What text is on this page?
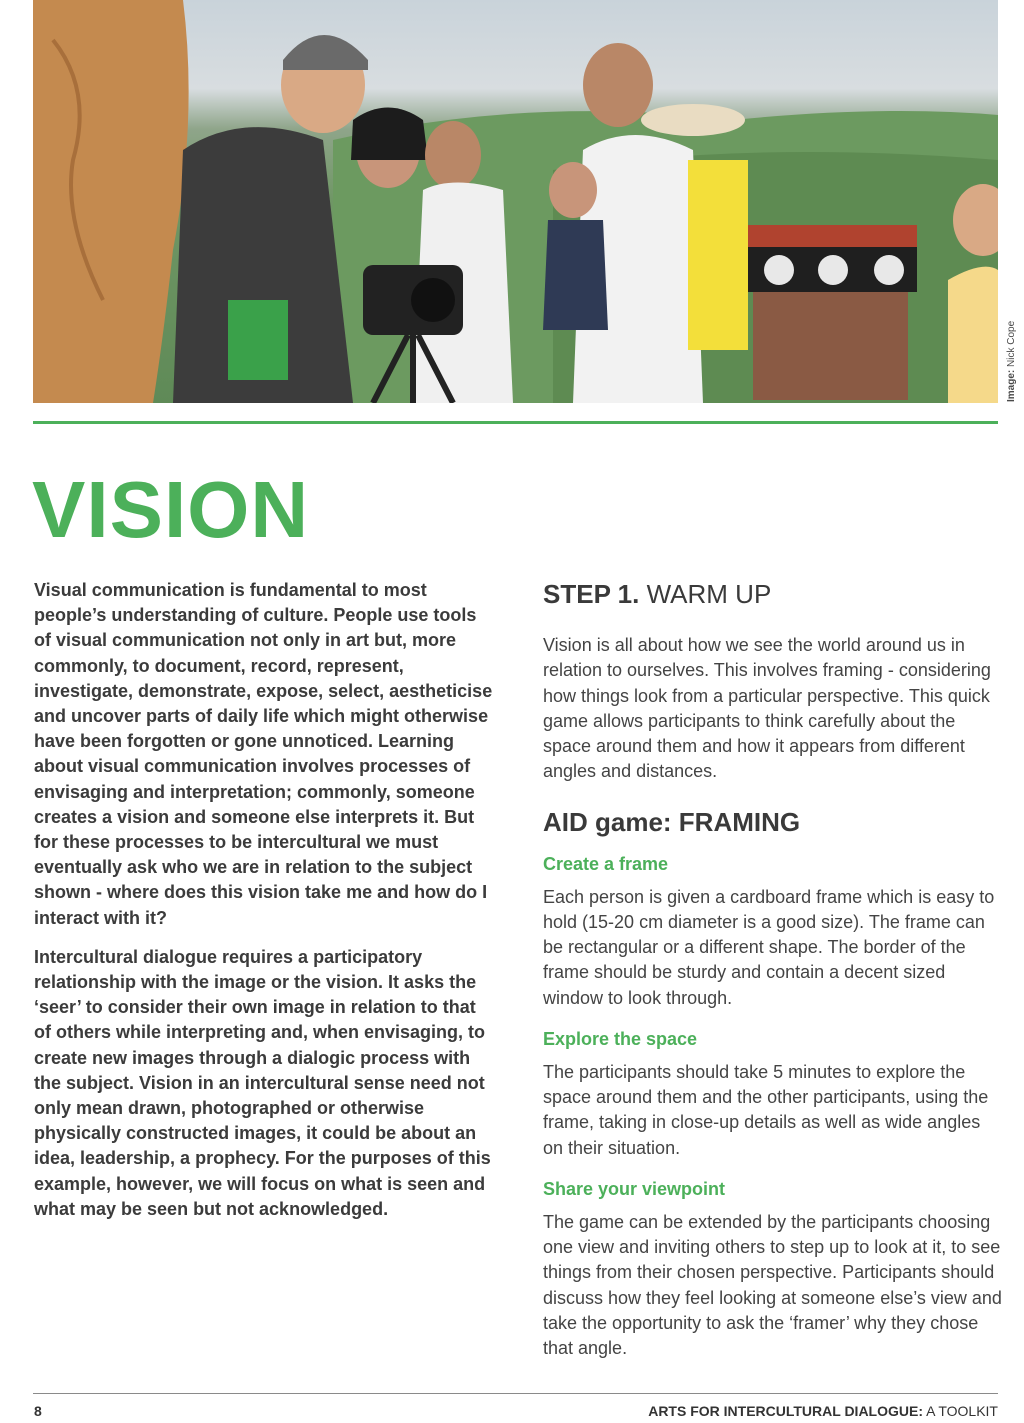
Image: Nick Cope
VISION

Visual communication is fundamental to most people’s understanding of culture. People use tools of visual communication not only in art but, more commonly, to document, record, represent, investigate, demonstrate, expose, select, aestheticise and uncover parts of daily life which might otherwise have been forgotten or gone unnoticed. Learning about visual communication involves processes of envisaging and interpretation; commonly, someone creates a vision and someone else interprets it. But for these processes to be intercultural we must eventually ask who we are in relation to the subject shown - where does this vision take me and how do I interact with it?

Intercultural dialogue requires a participatory relationship with the image or the vision. It asks the ‘seer’ to consider their own image in relation to that of others while interpreting and, when envisaging, to create new images through a dialogic process with the subject. Vision in an intercultural sense need not only mean drawn, photographed or otherwise physically constructed images, it could be about an idea, leadership, a prophecy. For the purposes of this example, however, we will focus on what is seen and what may be seen but not acknowledged.

STEP 1. WARM UP

Vision is all about how we see the world around us in relation to ourselves. This involves framing - considering how things look from a particular perspective. This quick game allows participants to think carefully about the space around them and how it appears from different angles and distances.

AID game: FRAMING
Create a frame

Each person is given a cardboard frame which is easy to hold (15-20 cm diameter is a good size). The frame can be rectangular or a different shape. The border of the frame should be sturdy and contain a decent sized window to look through.

Explore the space

The participants should take 5 minutes to explore the space around them and the other participants, using the frame, taking in close-up details as well as wide angles on their situation.

Share your viewpoint

The game can be extended by the participants choosing one view and inviting others to step up to look at it, to see things from their chosen perspective. Participants should discuss how they feel looking at someone else’s view and take the opportunity to ask the ‘framer’ why they chose that angle.

8	ARTS FOR INTERCULTURAL DIALOGUE: A TOOLKIT
